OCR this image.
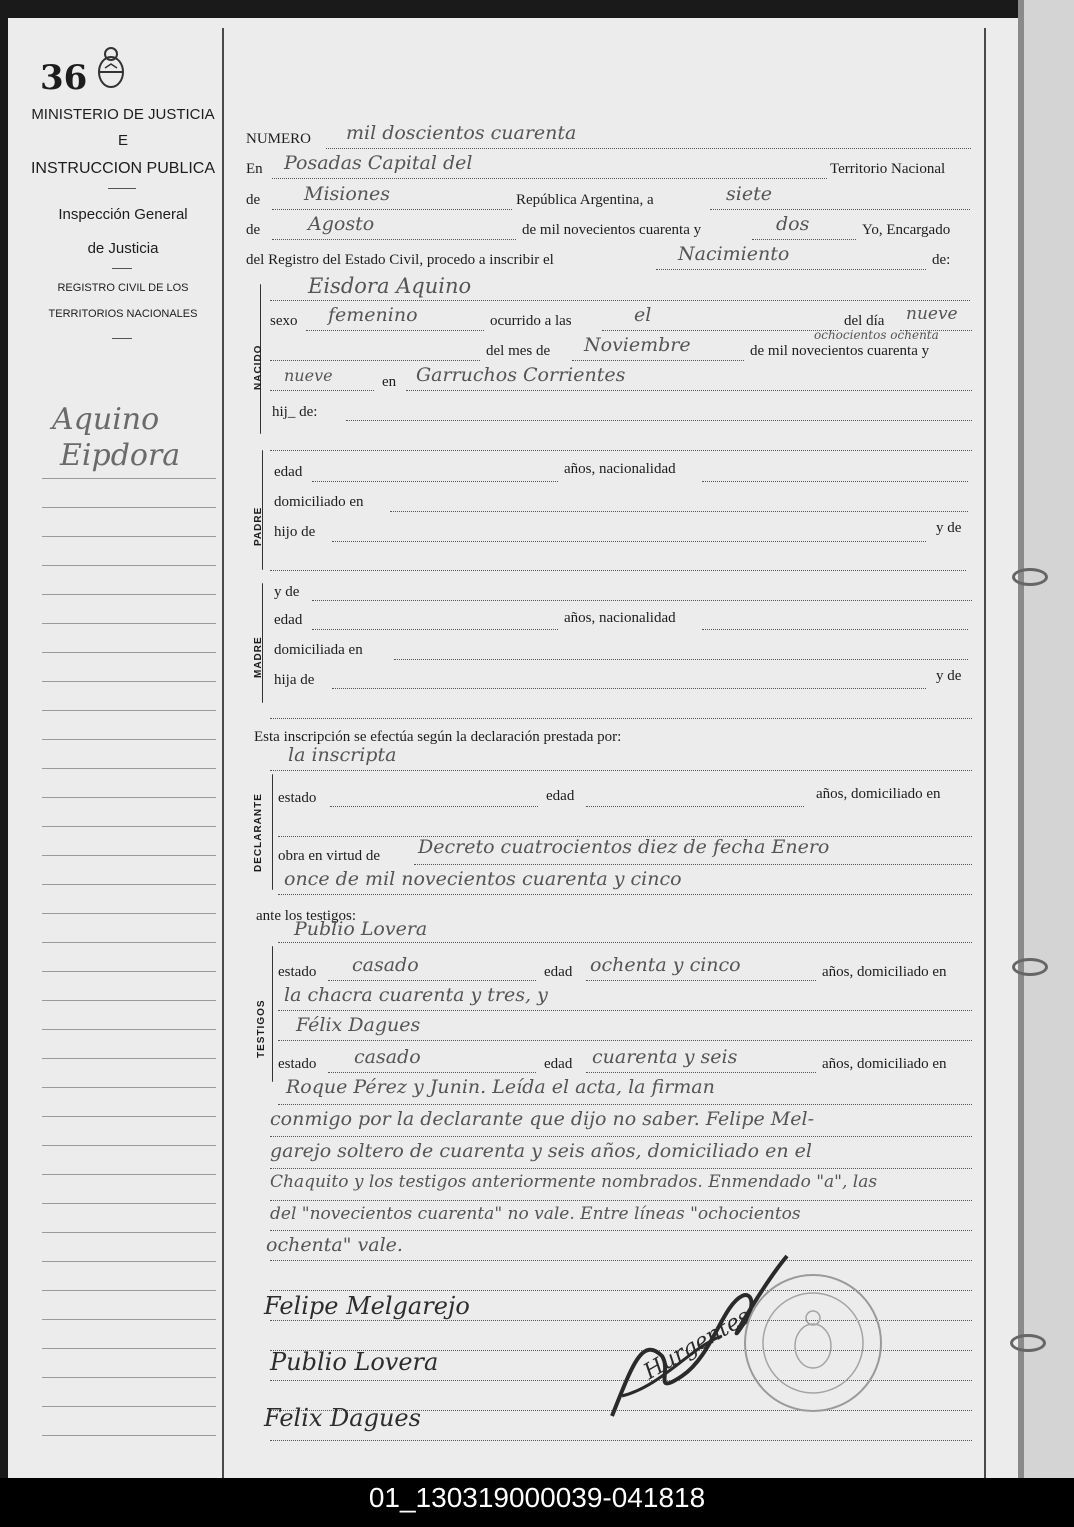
36
MINISTERIO DE JUSTICIA
E
INSTRUCCION PUBLICA
Inspección General
de Justicia
REGISTRO CIVIL DE LOS
TERRITORIOS NACIONALES
Aquino
Eipdora
NUMERO mil doscientos cuarenta
En Posadas Capital del	Territorio Nacional
de Misiones	República Argentina, a	siete
de	Agosto	de mil novecientos cuarenta y	dos	Yo, Encargado
del Registro del Estado Civil, procedo a inscribir el	Nacimiento	de:
Eisdora Aquino
NACIDO
sexo femenino	ocurrido a las	el	del día nueve
ochocientos ochenta
del mes de Noviembre	de mil novecientos cuarenta y
nueve	en Garruchos Corrientes
hij_ de:
PADRE
edad	años, nacionalidad
domiciliado en
hijo de	y de
MADRE
y de
edad	años, nacionalidad
domiciliada en
hija de	y de
Esta inscripción se efectúa según la declaración prestada por:
la inscripta
DECLARANTE estado	edad	años, domiciliado en
obra en virtud de Decreto cuatrocientos diez de fecha Enero
once de mil novecientos cuarenta y cinco
ante los testigos:
Publio Lovera
TESTIGOS
estado casado	edad ochenta y cinco	años, domiciliado en
la chacra cuarenta y tres, y
Félix Dagues
estado casado	edad cuarenta y seis	años, domiciliado en
Roque Pérez y Junin. Leída el acta, la firman
conmigo por la declarante que dijo no saber. Felipe Mel-
garejo soltero de cuarenta y seis años, domiciliado en el
Chaquito y los testigos anteriormente nombrados. Enmendado "a", las
del "novecientos cuarenta" no vale. Entre líneas "ochocientos
ochenta" vale.
Felipe Melgarejo
Publio Lovera
Felix Dagues
Hurgentes
01_130319000039-041818
